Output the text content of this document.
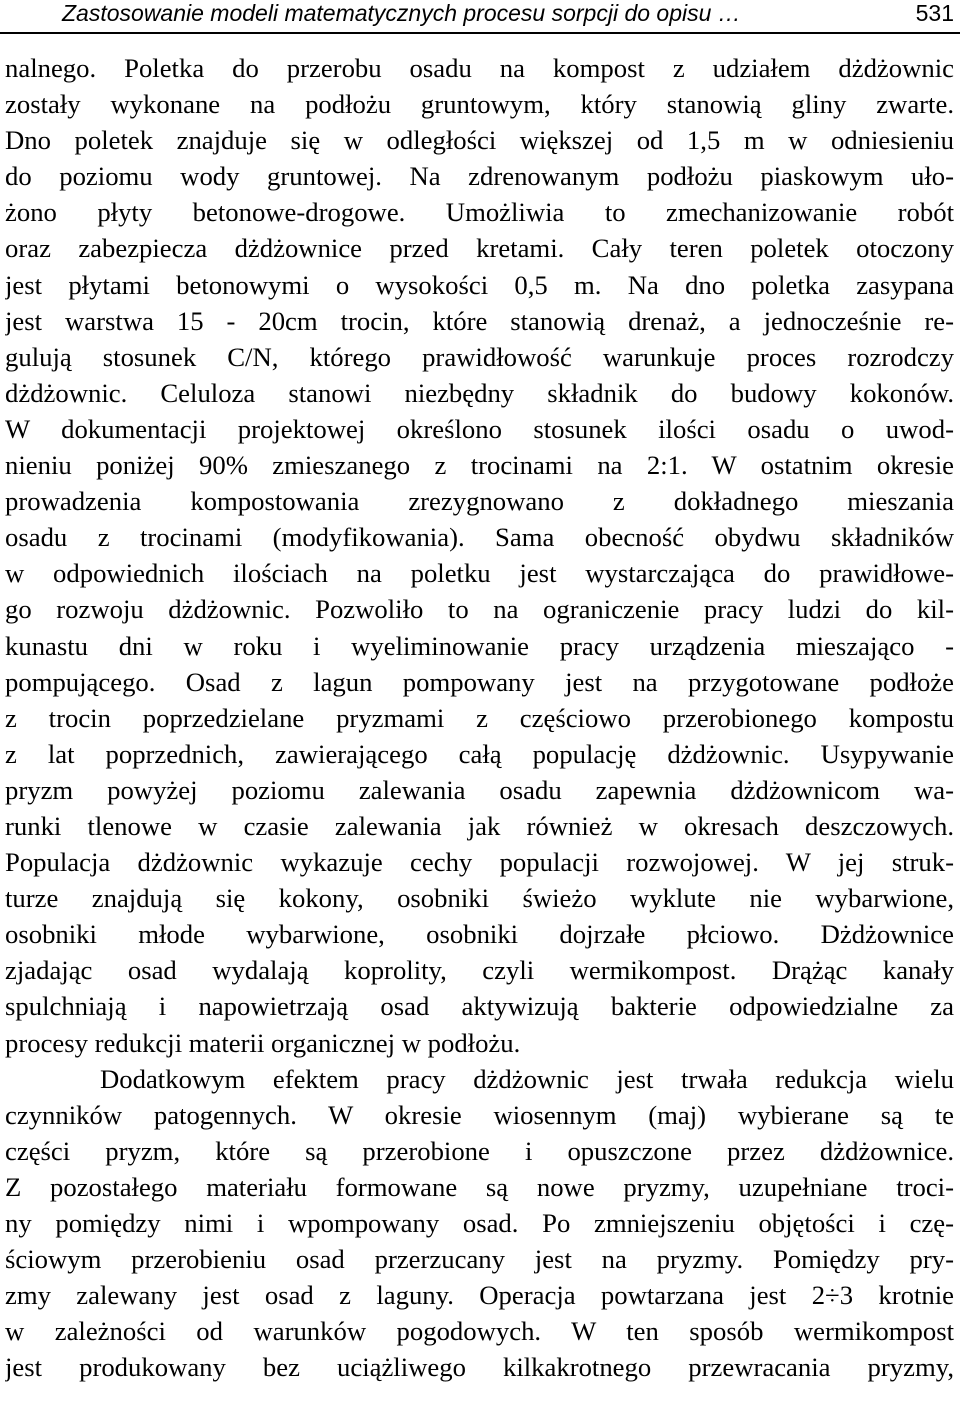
Zastosowanie modeli matematycznych procesu sorpcji do opisu …	531
nalnego. Poletka do przerobu osadu na kompost z udziałem dżdżownic
zostały wykonane na podłożu gruntowym, który stanowią gliny zwarte.
Dno poletek znajduje się w odległości większej od 1,5 m w odniesieniu
do poziomu wody gruntowej. Na zdrenowanym podłożu piaskowym uło-
żono płyty betonowe-drogowe. Umożliwia to zmechanizowanie robót
oraz zabezpiecza dżdżownice przed kretami. Cały teren poletek otoczony
jest płytami betonowymi o wysokości 0,5 m. Na dno poletka zasypana
jest warstwa 15 - 20cm trocin, które stanowią drenaż, a jednocześnie re-
gulują stosunek C/N, którego prawidłowość warunkuje proces rozrodczy
dżdżownic. Celuloza stanowi niezbędny składnik do budowy kokonów.
W dokumentacji projektowej określono stosunek ilości osadu o uwod-
nieniu poniżej 90% zmieszanego z trocinami na 2:1. W ostatnim okresie
prowadzenia kompostowania zrezygnowano z dokładnego mieszania
osadu z trocinami (modyfikowania). Sama obecność obydwu składników
w odpowiednich ilościach na poletku jest wystarczająca do prawidłowe-
go rozwoju dżdżownic. Pozwoliło to na ograniczenie pracy ludzi do kil-
kunastu dni w roku i wyeliminowanie pracy urządzenia mieszająco -
pompującego. Osad z lagun pompowany jest na przygotowane podłoże
z trocin poprzedzielane pryzmami z częściowo przerobionego kompostu
z lat poprzednich, zawierającego całą populację dżdżownic. Usypywanie
pryzm powyżej poziomu zalewania osadu zapewnia dżdżownicom wa-
runki tlenowe w czasie zalewania jak również w okresach deszczowych.
Populacja dżdżownic wykazuje cechy populacji rozwojowej. W jej struk-
turze znajdują się kokony, osobniki świeżo wyklute nie wybarwione,
osobniki młode wybarwione, osobniki dojrzałe płciowo. Dżdżownice
zjadając osad wydalają koprolity, czyli wermikompost. Drążąc kanały
spulchniają i napowietrzają osad aktywizują bakterie odpowiedzialne za
procesy redukcji materii organicznej w podłożu.
Dodatkowym efektem pracy dżdżownic jest trwała redukcja wielu
czynników patogennych. W okresie wiosennym (maj) wybierane są te
części pryzm, które są przerobione i opuszczone przez dżdżownice.
Z pozostałego materiału formowane są nowe pryzmy, uzupełniane troci-
ny pomiędzy nimi i wpompowany osad. Po zmniejszeniu objętości i czę-
ściowym przerobieniu osad przerzucany jest na pryzmy. Pomiędzy pry-
zmy zalewany jest osad z laguny. Operacja powtarzana jest 2÷3 krotnie
w zależności od warunków pogodowych. W ten sposób wermikompost
jest produkowany bez uciążliwego kilkakrotnego przewracania pryzmy,
